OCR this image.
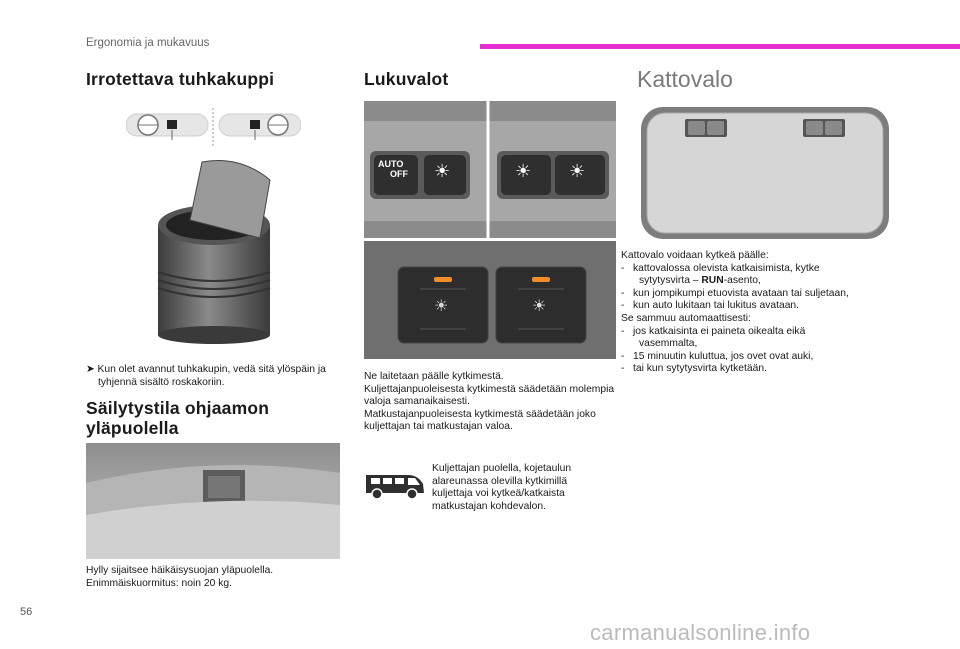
Ergonomia ja mukavuus
Irrotettava tuhkakuppi
➤ Kun olet avannut tuhkakupin, vedä sitä ylöspäin ja tyhjennä sisältö roskakoriin.
Säilytystila ohjaamon
yläpuolella

Hylly sijaitsee häikäisysuojan yläpuolella.

Enimmäiskuormitus: noin 20 kg.

Lukuvalot
AUTO
OFF ☀	☀ ☀
☀	☀

Ne laitetaan päälle kytkimestä.

Kuljettajanpuoleisesta kytkimestä säädetään molempia valoja samanaikaisesti.

Matkustajanpuoleisesta kytkimestä säädetään joko kuljettajan tai matkustajan valoa.

Kuljettajan puolella, kojetaulun alareunassa olevilla kytkimillä kuljettaja voi kytkeä/katkaista matkustajan kohdevalon.
Kattovalo

Kattovalo voidaan kytkeä päälle:

-   kattovalossa olevista katkaisimista, kytke

sytytysvirta – RUN-asento,

-   kun jompikumpi etuovista avataan tai suljetaan,

-   kun auto lukitaan tai lukitus avataan.

Se sammuu automaattisesti:

-   jos katkaisinta ei paineta oikealta eikä

vasemmalta,

-   15 minuutin kuluttua, jos ovet ovat auki,

-   tai kun sytytysvirta kytketään.

56
carmanualsonline.info
